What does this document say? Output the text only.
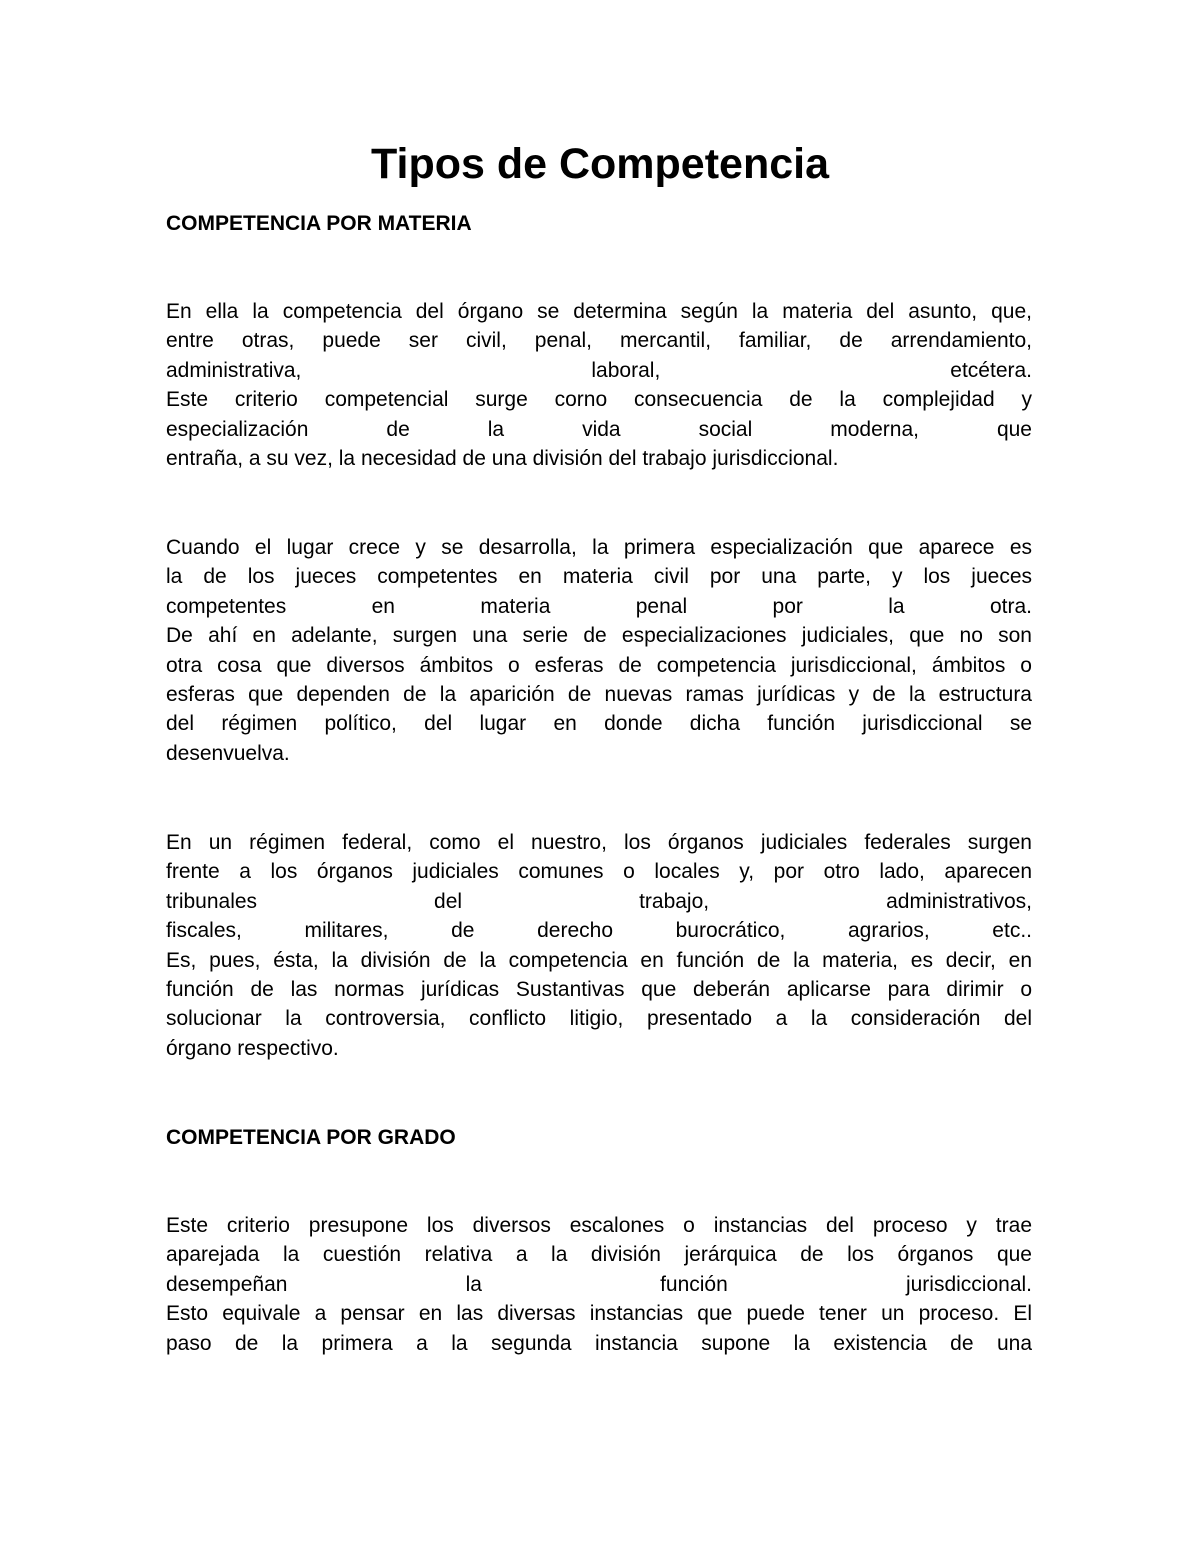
Tipos de Competencia
COMPETENCIA POR MATERIA
En ella la competencia del órgano se determina según la materia del asunto, que,
entre otras, puede ser civil, penal, mercantil, familiar, de arrendamiento,
administrativa, laboral, etcétera.
Este criterio competencial surge corno consecuencia de la complejidad y
especialización de la vida social moderna, que
entraña, a su vez, la necesidad de una división del trabajo jurisdiccional.
Cuando el lugar crece y se desarrolla, la primera especialización que aparece es
la de los jueces competentes en materia civil por una parte, y los jueces
competentes en materia penal por la otra.
De ahí en adelante, surgen una serie de especializaciones judiciales, que no son
otra cosa que diversos ámbitos o esferas de competencia jurisdiccional, ámbitos o
esferas que dependen de la aparición de nuevas ramas jurídicas y de la estructura
del régimen político, del lugar en donde dicha función jurisdiccional se
desenvuelva.
En un régimen federal, como el nuestro, los órganos judiciales federales surgen
frente a los órganos judiciales comunes o locales y, por otro lado, aparecen
tribunales del trabajo, administrativos,
fiscales, militares, de derecho burocrático, agrarios, etc..
Es, pues, ésta, la división de la competencia en función de la materia, es decir, en
función de las normas jurídicas Sustantivas que deberán aplicarse para dirimir o
solucionar la controversia, conflicto litigio, presentado a la consideración del
órgano respectivo.
COMPETENCIA POR GRADO
Este criterio presupone los diversos escalones o instancias del proceso y trae
aparejada la cuestión relativa a la división jerárquica de los órganos que
desempeñan la función jurisdiccional.
Esto equivale a pensar en las diversas instancias que puede tener un proceso. El
paso de la primera a la segunda instancia supone la existencia de una
